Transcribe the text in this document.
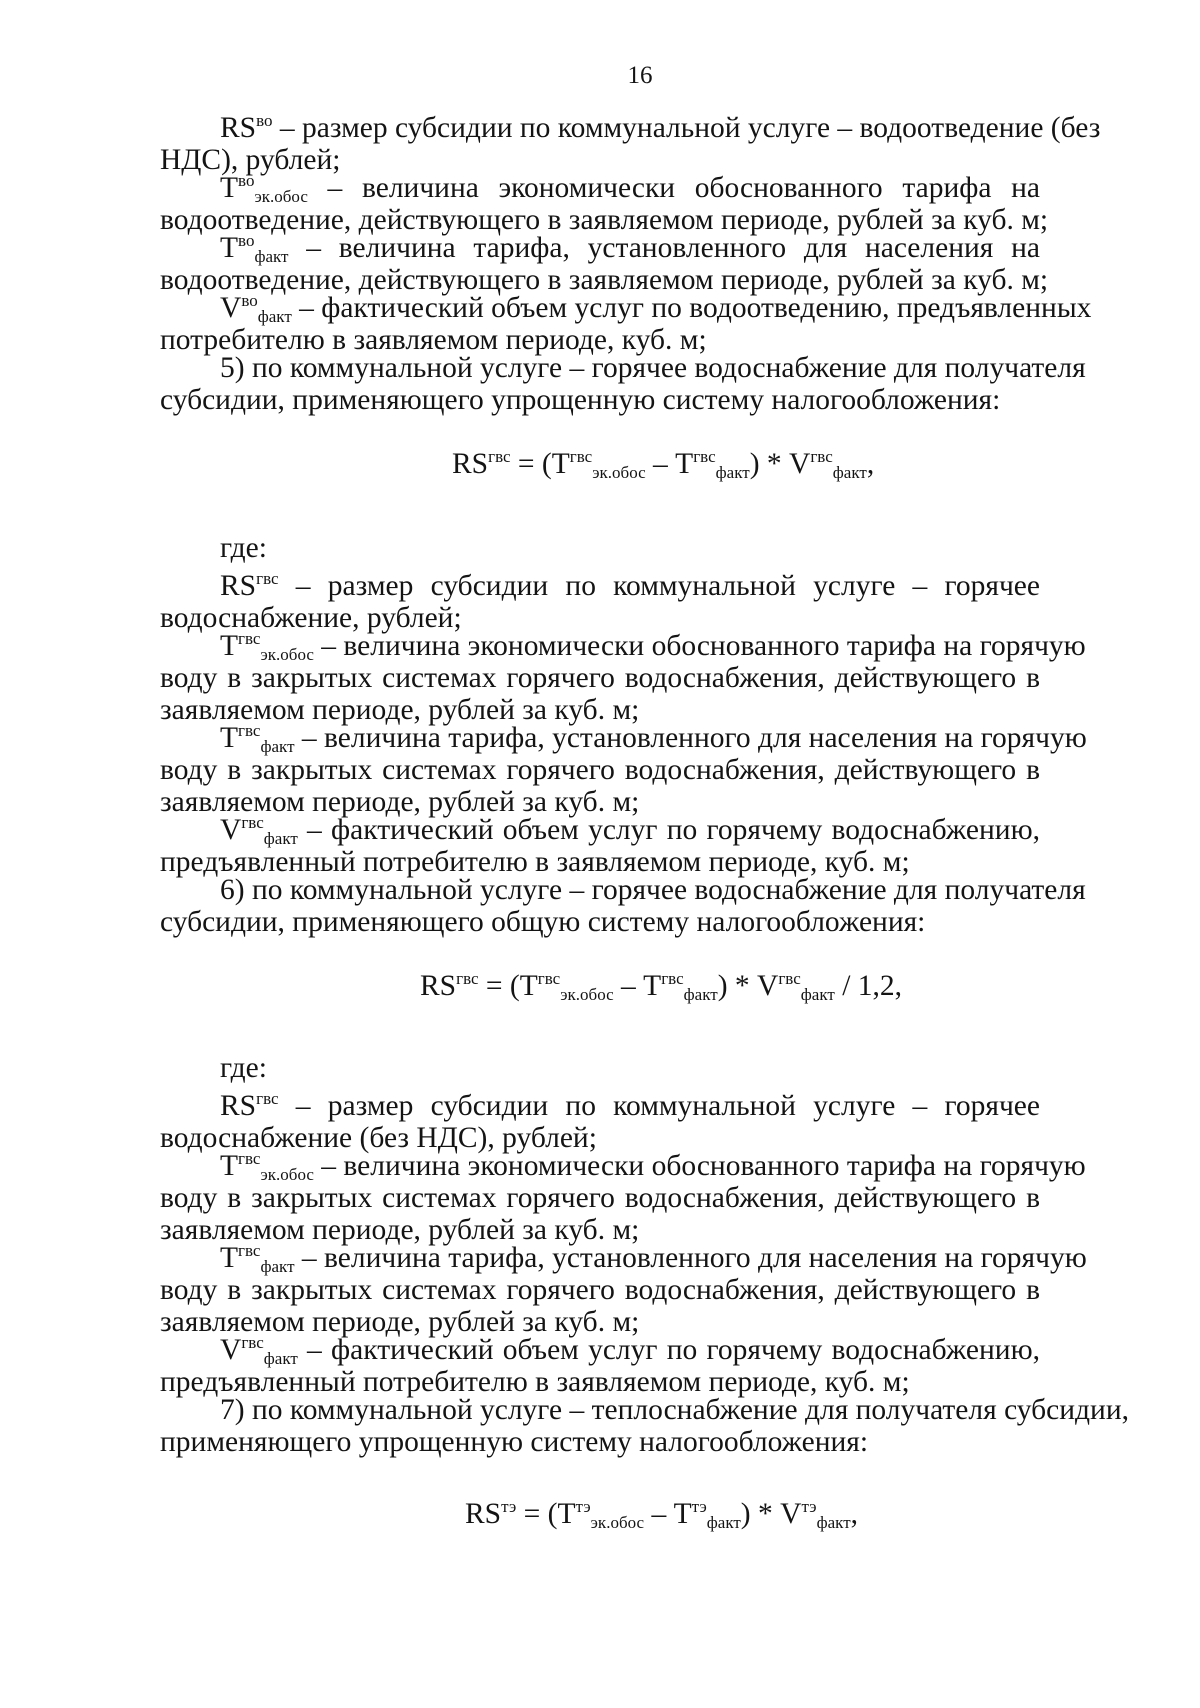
16
$RS^{во}$ – размер субсидии по коммунальной услуге – водоотведение (без
НДС), рублей;
$T^{во}_{эк.обос}$ – величина экономически обоснованного тарифа на
водоотведение, действующего в заявляемом периоде, рублей за куб. м;
$T^{во}_{факт}$ – величина тарифа, установленного для населения на
водоотведение, действующего в заявляемом периоде, рублей за куб. м;
$V^{во}_{факт}$ – фактический объем услуг по водоотведению, предъявленных
потребителю в заявляемом периоде, куб. м;
5) по коммунальной услуге – горячее водоснабжение для получателя
субсидии, применяющего упрощенную систему налогообложения:
$RS^{гвс} = (T^{гвс}_{эк.обос} - T^{гвс}_{факт}) * V^{гвс}_{факт}$,
где:
$RS^{гвс}$ – размер субсидии по коммунальной услуге – горячее
водоснабжение, рублей;
$T^{гвс}_{эк.обос}$ – величина экономически обоснованного тарифа на горячую
воду в закрытых системах горячего водоснабжения, действующего в
заявляемом периоде, рублей за куб. м;
$T^{гвс}_{факт}$ – величина тарифа, установленного для населения на горячую
воду в закрытых системах горячего водоснабжения, действующего в
заявляемом периоде, рублей за куб. м;
$V^{гвс}_{факт}$ – фактический объем услуг по горячему водоснабжению,
предъявленный потребителю в заявляемом периоде, куб. м;
6) по коммунальной услуге – горячее водоснабжение для получателя
субсидии, применяющего общую систему налогообложения:
$RS^{гвс} = (T^{гвс}_{эк.обос} - T^{гвс}_{факт}) * V^{гвс}_{факт} / 1,2$,
где:
$RS^{гвс}$ – размер субсидии по коммунальной услуге – горячее
водоснабжение (без НДС), рублей;
$T^{гвс}_{эк.обос}$ – величина экономически обоснованного тарифа на горячую
воду в закрытых системах горячего водоснабжения, действующего в
заявляемом периоде, рублей за куб. м;
$T^{гвс}_{факт}$ – величина тарифа, установленного для населения на горячую
воду в закрытых системах горячего водоснабжения, действующего в
заявляемом периоде, рублей за куб. м;
$V^{гвс}_{факт}$ – фактический объем услуг по горячему водоснабжению,
предъявленный потребителю в заявляемом периоде, куб. м;
7) по коммунальной услуге – теплоснабжение для получателя субсидии,
применяющего упрощенную систему налогообложения:
$RS^{тэ} = (T^{тэ}_{эк.обос} - T^{тэ}_{факт}) * V^{тэ}_{факт}$,
